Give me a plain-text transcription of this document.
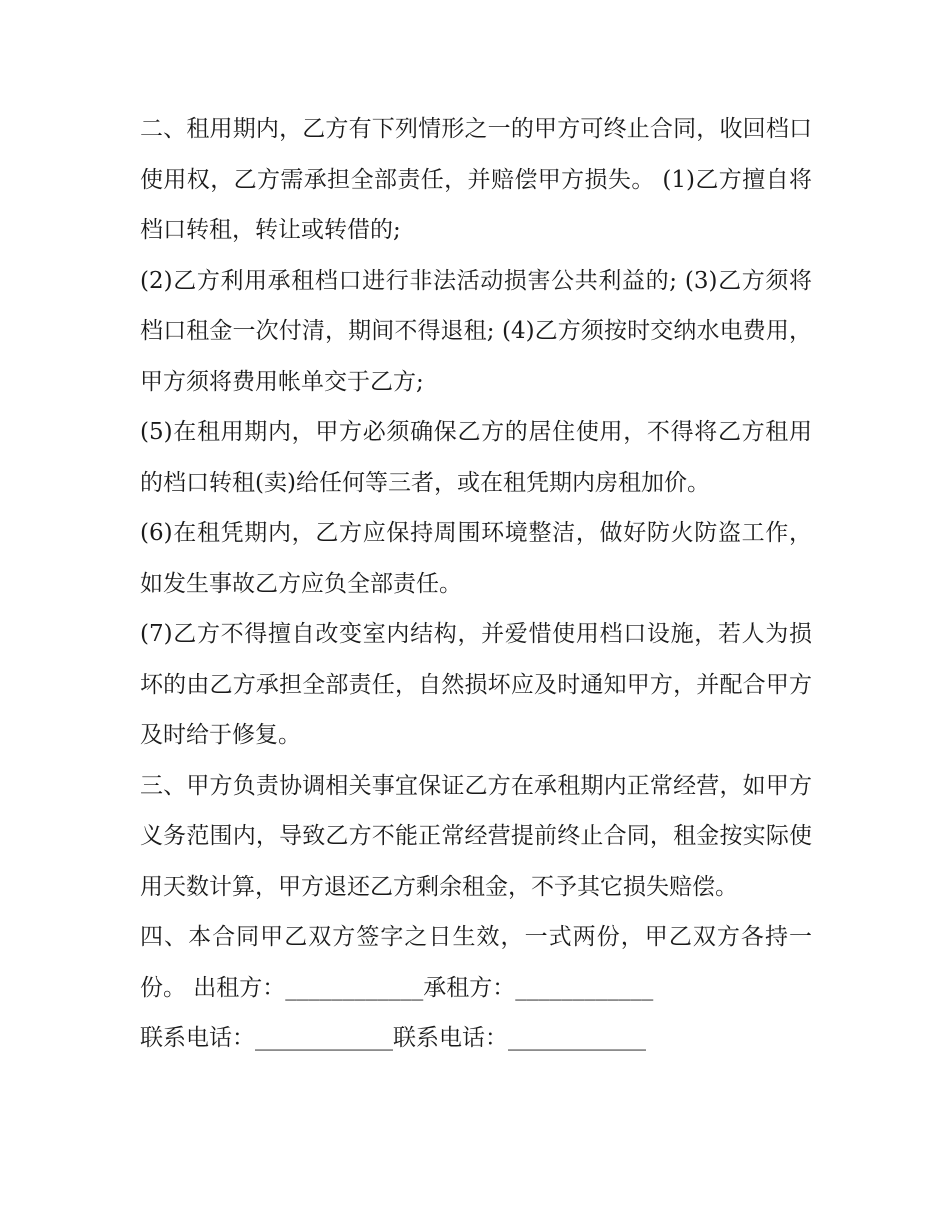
二、租用期内，乙方有下列情形之一的甲方可终止合同，收回档口使用权，乙方需承担全部责任，并赔偿甲方损失。 (1)乙方擅自将档口转租，转让或转借的;

(2)乙方利用承租档口进行非法活动损害公共利益的; (3)乙方须将档口租金一次付清，期间不得退租; (4)乙方须按时交纳水电费用，甲方须将费用帐单交于乙方;

(5)在租用期内，甲方必须确保乙方的居住使用，不得将乙方租用的档口转租(卖)给任何等三者，或在租凭期内房租加价。

(6)在租凭期内，乙方应保持周围环境整洁，做好防火防盗工作，如发生事故乙方应负全部责任。

(7)乙方不得擅自改变室内结构，并爱惜使用档口设施，若人为损坏的由乙方承担全部责任，自然损坏应及时通知甲方，并配合甲方及时给于修复。

三、甲方负责协调相关事宜保证乙方在承租期内正常经营，如甲方义务范围内，导致乙方不能正常经营提前终止合同，租金按实际使用天数计算，甲方退还乙方剩余租金，不予其它损失赔偿。

四、本合同甲乙双方签字之日生效，一式两份，甲乙双方各持一份。 出租方：____________承租方：____________

联系电话：____________联系电话：____________
